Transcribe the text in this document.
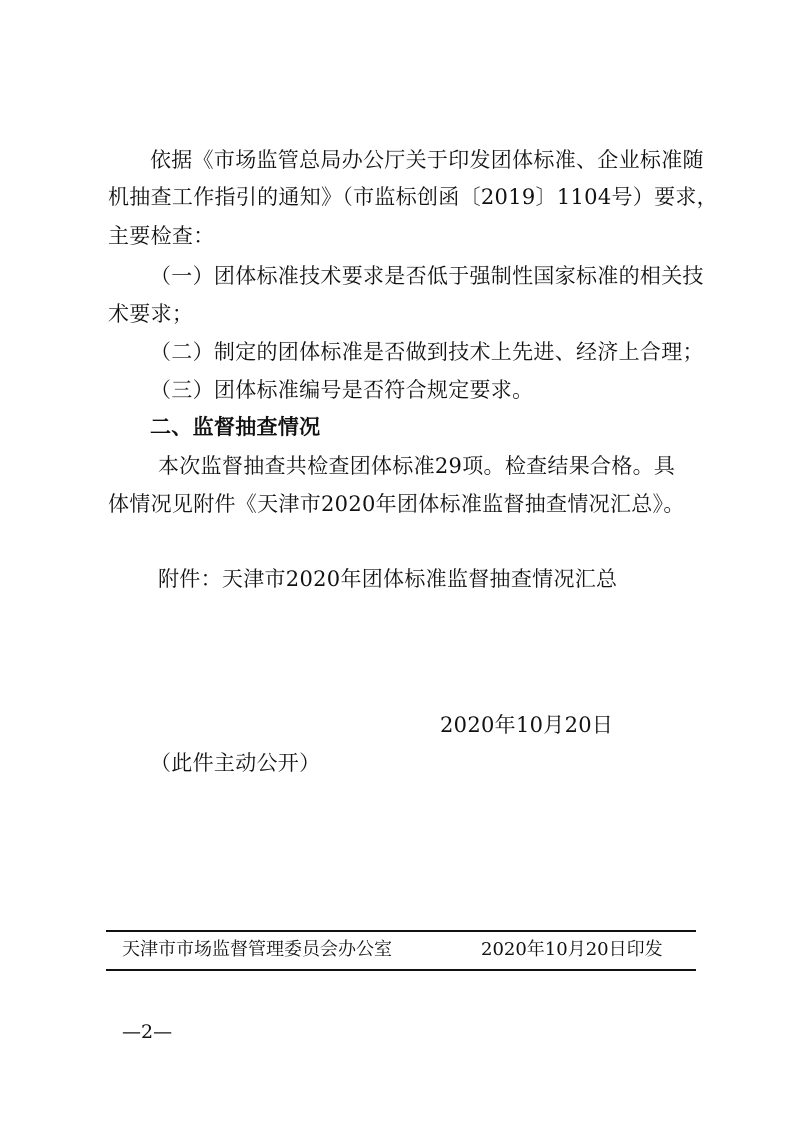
依据《市场监管总局办公厅关于印发团体标准、企业标准随
机抽查工作指引的通知》（市监标创函〔2019〕1104号）要求，
主要检查：
（一）团体标准技术要求是否低于强制性国家标准的相关技
术要求；
（二）制定的团体标准是否做到技术上先进、经济上合理；
（三）团体标准编号是否符合规定要求。
二、监督抽查情况
本次监督抽查共检查团体标准29项。检查结果合格。具
体情况见附件《天津市2020年团体标准监督抽查情况汇总》。
附件：天津市2020年团体标准监督抽查情况汇总
2020年10月20日
（此件主动公开）
天津市市场监督管理委员会办公室	2020年10月20日印发
—2—
